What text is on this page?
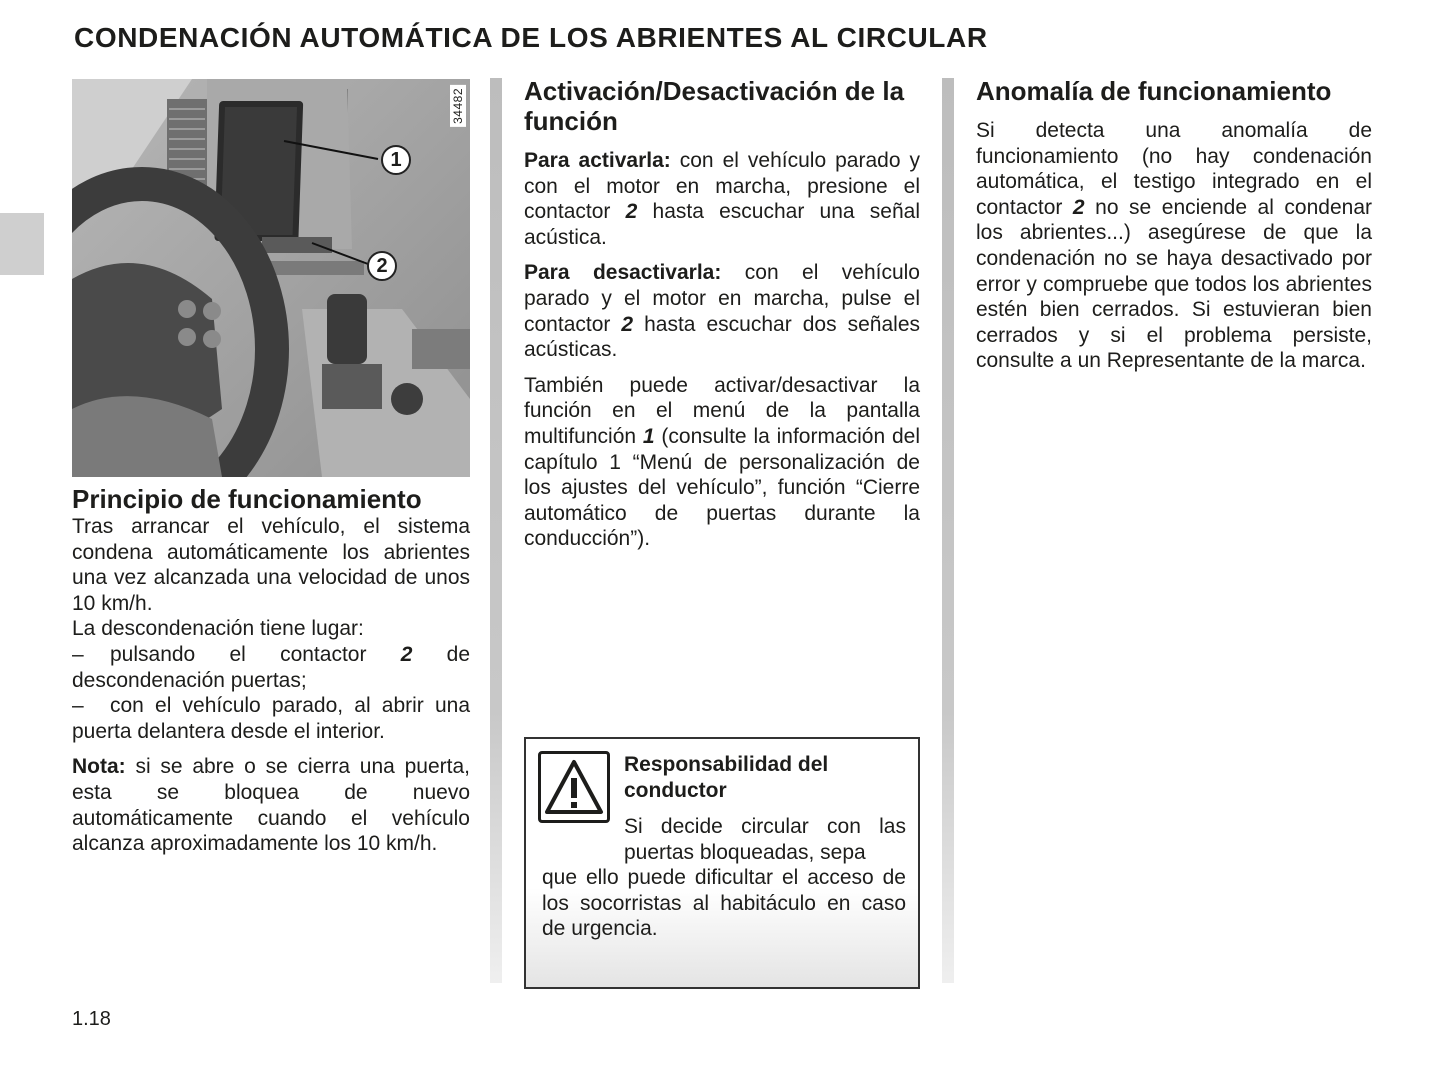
CONDENACIÓN AUTOMÁTICA DE LOS ABRIENTES AL CIRCULAR
1
2
34482
Principio de funcionamiento

Tras arrancar el vehículo, el sistema condena automáticamente los abrientes una vez alcanzada una velocidad de unos 10 km/h.

La descondenación tiene lugar:

– pulsando el contactor 2 de descondenación puertas;

– con el vehículo parado, al abrir una puerta delantera desde el interior.

Nota: si se abre o se cierra una puerta, esta se bloquea de nuevo automáticamente cuando el vehículo alcanza aproximadamente los 10 km/h.

Activación/Desactivación de la función

Para activarla: con el vehículo parado y con el motor en marcha, presione el contactor 2 hasta escuchar una señal acústica.

Para desactivarla: con el vehículo parado y el motor en marcha, pulse el contactor 2 hasta escuchar dos señales acústicas.

También puede activar/desactivar la función en el menú de la pantalla multifunción 1 (consulte la información del capítulo 1 “Menú de personalización de los ajustes del vehículo”, función “Cierre automático de puertas durante la conducción”).

Responsabilidad del conductor
Si decide circular con las puertas bloqueadas, sepa
que ello puede dificultar el acceso de los socorristas al habitáculo en caso de urgencia.
Anomalía de funcionamiento

Si detecta una anomalía de funcionamiento (no hay condenación automática, el testigo integrado en el contactor 2 no se enciende al condenar los abrientes...) asegúrese de que la condenación no se haya desactivado por error y compruebe que todos los abrientes estén bien cerrados. Si estuvieran bien cerrados y si el problema persiste, consulte a un Representante de la marca.

1.18
